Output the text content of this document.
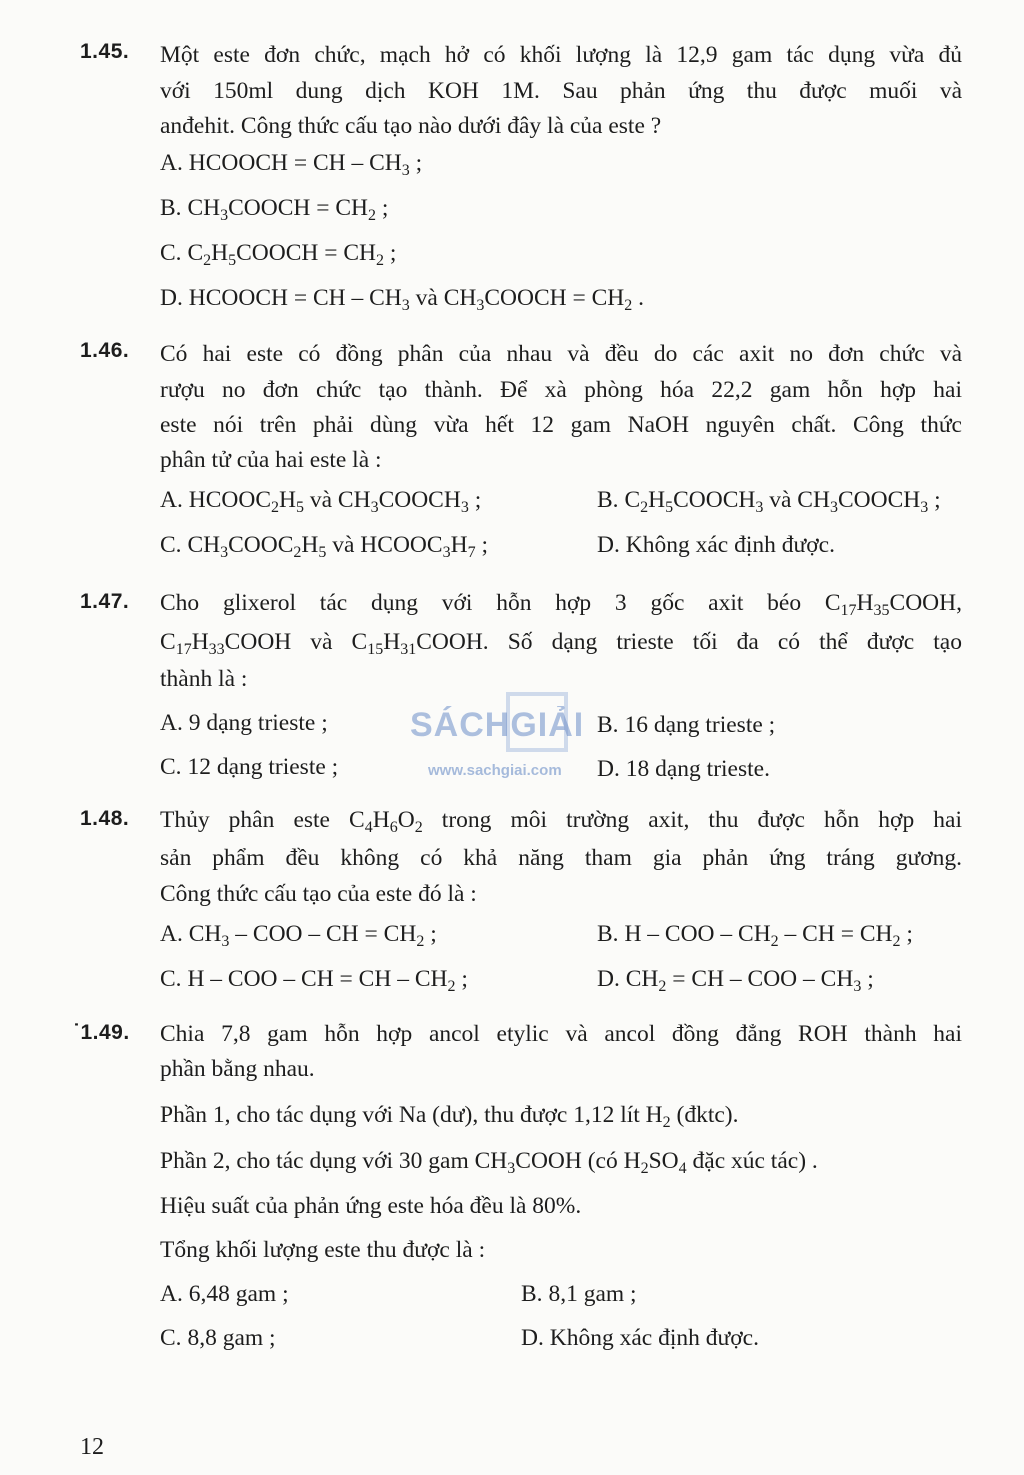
1.45. Một este đơn chức, mạch hở có khối lượng là 12,9 gam tác dụng vừa đủ
với 150ml dung dịch KOH 1M. Sau phản ứng thu được muối và
anđehit. Công thức cấu tạo nào dưới đây là của este ?
A. HCOOCH = CH – $CH_3$ ;
B. $CH_3COOCH = CH_2$ ;
C. $C_2H_5COOCH = CH_2$ ;
D. HCOOCH = CH – $CH_3$ và $CH_3COOCH = CH_2$ .
1.46. Có hai este có đồng phân của nhau và đều do các axit no đơn chức và
rượu no đơn chức tạo thành. Để xà phòng hóa 22,2 gam hỗn hợp hai
este nói trên phải dùng vừa hết 12 gam NaOH nguyên chất. Công thức
phân tử của hai este là :
A. $HCOOC_2H_5$ và $CH_3COOCH_3$ ;	B. $C_2H_5COOCH_3$ và $CH_3COOCH_3$ ;
C. $CH_3COOC_2H_5$ và $HCOOC_3H_7$ ;	D. Không xác định được.
1.47. Cho glixerol tác dụng với hỗn hợp 3 gốc axit béo $C_{17}H_{35}COOH$,
$C_{17}H_{33}COOH$ và $C_{15}H_{31}COOH$. Số dạng trieste tối đa có thể được tạo
thành là :
A. 9 dạng trieste ;	B. 16 dạng trieste ;
C. 12 dạng trieste ;	D. 18 dạng trieste.
1.48. Thủy phân este $C_4H_6O_2$ trong môi trường axit, thu được hỗn hợp hai
sản phẩm đều không có khả năng tham gia phản ứng tráng gương.
Công thức cấu tạo của este đó là :
A. $CH_3$ – COO – CH = $CH_2$ ;	B. H – COO – $CH_2$ – CH = $CH_2$ ;
C. H – COO – CH = CH – $CH_2$ ;	D. $CH_2$ = CH – COO – $CH_3$ ;
˙1.49. Chia 7,8 gam hỗn hợp ancol etylic và ancol đồng đẳng ROH thành hai
phần bằng nhau.
Phần 1, cho tác dụng với Na (dư), thu được 1,12 lít $H_2$ (đktc).
Phần 2, cho tác dụng với 30 gam $CH_3COOH$ (có $H_2SO_4$ đặc xúc tác) .
Hiệu suất của phản ứng este hóa đều là 80%.
Tổng khối lượng este thu được là :
A. 6,48 gam ;	B. 8,1 gam ;
C. 8,8 gam ;	D. Không xác định được.
SÁCHGIẢI
www.sachgiai.com
12
